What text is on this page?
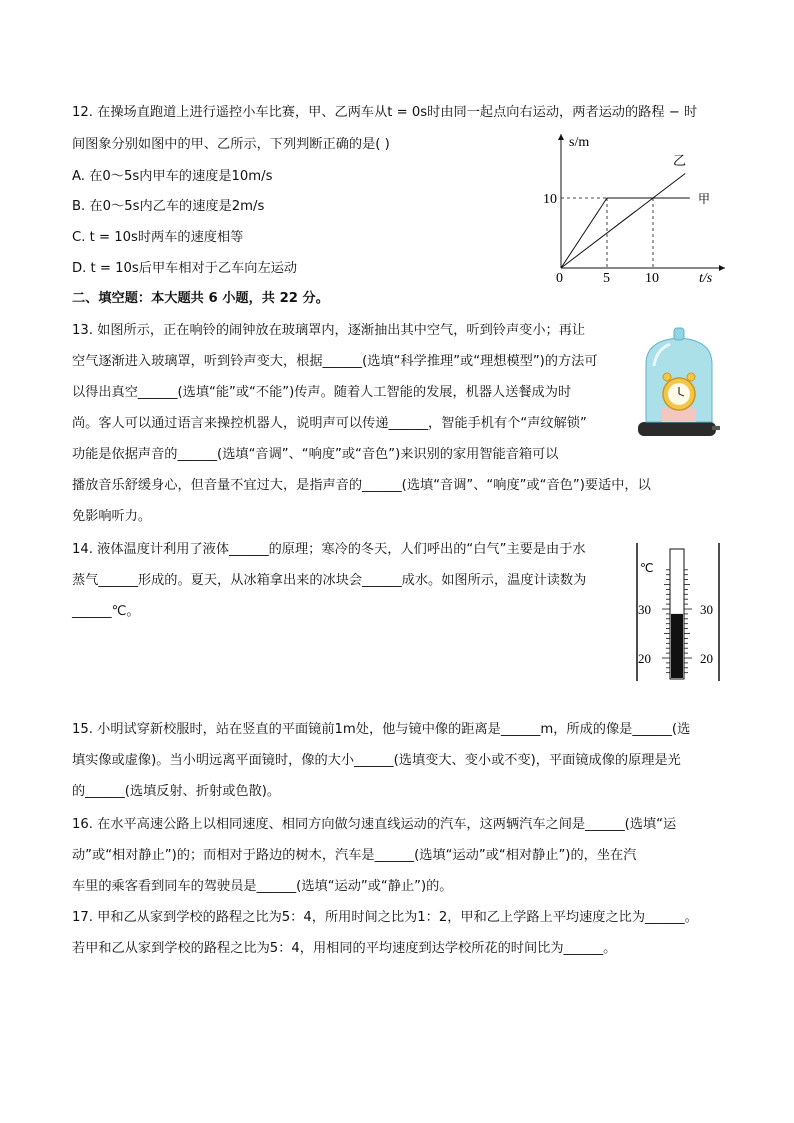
12. 在操场直跑道上进行遥控小车比赛，甲、乙两车从t = 0s时由同一起点向右运动，两者运动的路程 − 时
间图象分别如图中的甲、乙所示，下列判断正确的是( )
A. 在0～5s内甲车的速度是10m/s
B. 在0～5s内乙车的速度是2m/s
C. t = 10s时两车的速度相等
D. t = 10s后甲车相对于乙车向左运动
s/m
t/s
0	5	10
10
乙
甲
二、填空题：本大题共 6 小题，共 22 分。
13. 如图所示，正在响铃的闹钟放在玻璃罩内，逐渐抽出其中空气，听到铃声变小；再让
空气逐渐进入玻璃罩，听到铃声变大，根据______(选填“科学推理”或“理想模型”)的方法可
以得出真空______(选填“能”或“不能”)传声。随着人工智能的发展，机器人送餐成为时
尚。客人可以通过语言来操控机器人，说明声可以传递______，智能手机有个“声纹解锁”
功能是依据声音的______(选填“音调”、“响度”或“音色”)来识别的家用智能音箱可以
播放音乐舒缓身心，但音量不宜过大，是指声音的______(选填“音调”、“响度”或“音色”)要适中，以
免影响听力。
14. 液体温度计利用了液体______的原理；寒冷的冬天，人们呼出的“白气”主要是由于水
蒸气______形成的。夏天，从冰箱拿出来的冰块会______成水。如图所示，温度计读数为
______℃。
℃
30	30
20	20
15. 小明试穿新校服时，站在竖直的平面镜前1m处，他与镜中像的距离是______m，所成的像是______(选
填实像或虚像)。当小明远离平面镜时，像的大小______(选填变大、变小或不变)，平面镜成像的原理是光
的______(选填反射、折射或色散)。
16. 在水平高速公路上以相同速度、相同方向做匀速直线运动的汽车，这两辆汽车之间是______(选填“运
动”或“相对静止”)的；而相对于路边的树木，汽车是______(选填“运动”或“相对静止”)的，坐在汽
车里的乘客看到同车的驾驶员是______(选填“运动”或“静止”)的。
17. 甲和乙从家到学校的路程之比为5：4，所用时间之比为1：2，甲和乙上学路上平均速度之比为______。
若甲和乙从家到学校的路程之比为5：4，用相同的平均速度到达学校所花的时间比为______。
